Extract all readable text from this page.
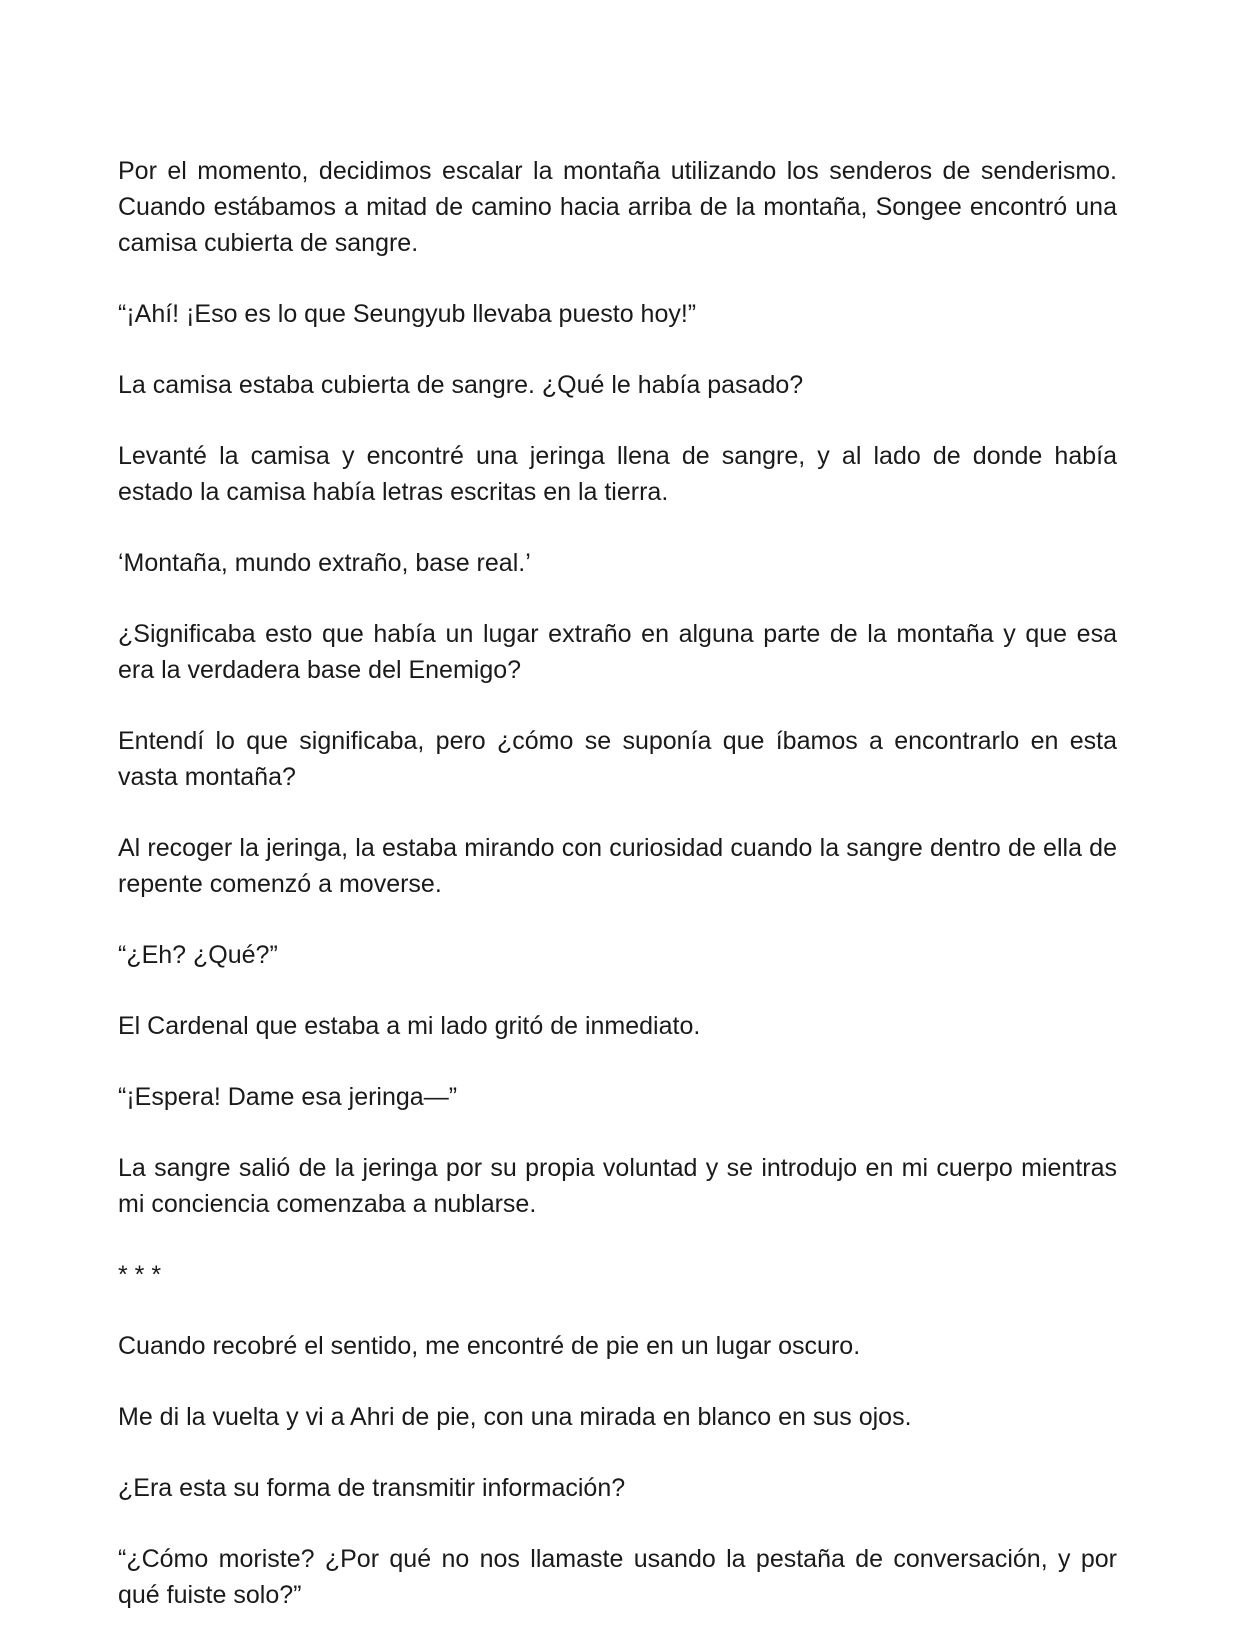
Por el momento, decidimos escalar la montaña utilizando los senderos de senderismo. Cuando estábamos a mitad de camino hacia arriba de la montaña, Songee encontró una camisa cubierta de sangre.

“¡Ahí! ¡Eso es lo que Seungyub llevaba puesto hoy!”

La camisa estaba cubierta de sangre. ¿Qué le había pasado?

Levanté la camisa y encontré una jeringa llena de sangre, y al lado de donde había estado la camisa había letras escritas en la tierra.

‘Montaña, mundo extraño, base real.’

¿Significaba esto que había un lugar extraño en alguna parte de la montaña y que esa era la verdadera base del Enemigo?

Entendí lo que significaba, pero ¿cómo se suponía que íbamos a encontrarlo en esta vasta montaña?

Al recoger la jeringa, la estaba mirando con curiosidad cuando la sangre dentro de ella de repente comenzó a moverse.

“¿Eh? ¿Qué?”

El Cardenal que estaba a mi lado gritó de inmediato.

“¡Espera! Dame esa jeringa—”

La sangre salió de la jeringa por su propia voluntad y se introdujo en mi cuerpo mientras mi conciencia comenzaba a nublarse.

* * *

Cuando recobré el sentido, me encontré de pie en un lugar oscuro.

Me di la vuelta y vi a Ahri de pie, con una mirada en blanco en sus ojos.

¿Era esta su forma de transmitir información?

“¿Cómo moriste? ¿Por qué no nos llamaste usando la pestaña de conversación, y por qué fuiste solo?”
